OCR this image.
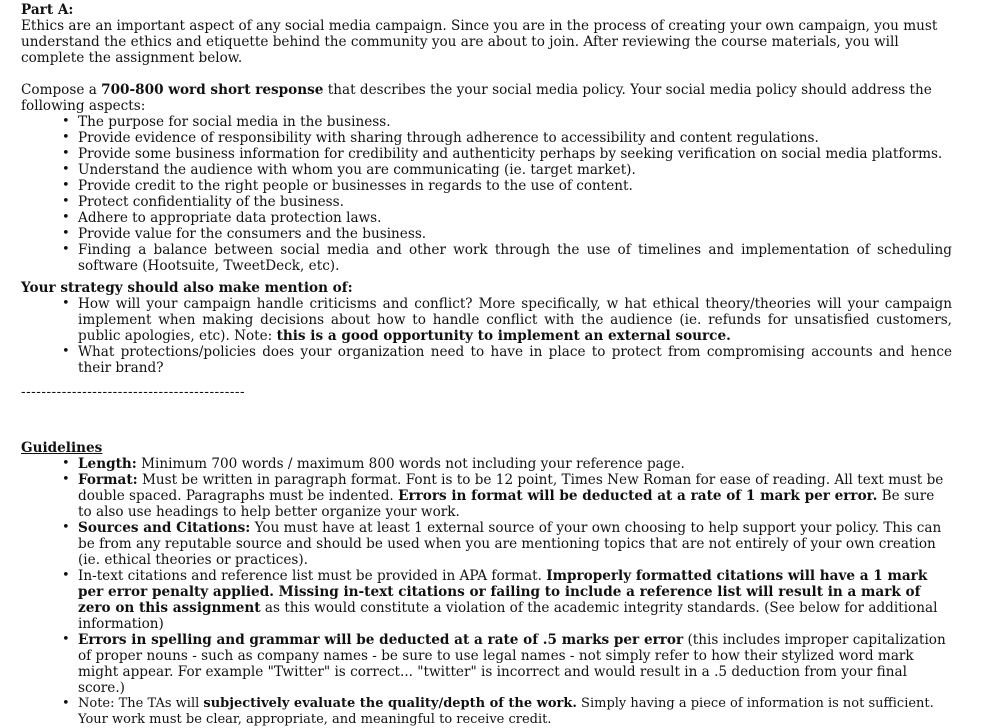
Part A:

Ethics are an important aspect of any social media campaign. Since you are in the process of creating your own campaign, you must understand the ethics and etiquette behind the community you are about to join. After reviewing the course materials, you will complete the assignment below.

Compose a 700-800 word short response that describes the your social media policy. Your social media policy should address the following aspects:

• The purpose for social media in the business.
• Provide evidence of responsibility with sharing through adherence to accessibility and content regulations.
• Provide some business information for credibility and authenticity perhaps by seeking verification on social media platforms.
• Understand the audience with whom you are communicating (ie. target market).
• Provide credit to the right people or businesses in regards to the use of content.
• Protect confidentiality of the business.
• Adhere to appropriate data protection laws.
• Provide value for the consumers and the business.
• Finding a balance between social media and other work through the use of timelines and implementation of scheduling software (Hootsuite, TweetDeck, etc).

Your strategy should also make mention of:

• How will your campaign handle criticisms and conflict? More specifically, w hat ethical theory/theories will your campaign implement when making decisions about how to handle conflict with the audience (ie. refunds for unsatisfied customers, public apologies, etc). Note: this is a good opportunity to implement an external source.
• What protections/policies does your organization need to have in place to protect from compromising accounts and hence their brand?

--------------------------------------------

Guidelines

• Length: Minimum 700 words / maximum 800 words not including your reference page.
• Format: Must be written in paragraph format. Font is to be 12 point, Times New Roman for ease of reading. All text must be double spaced. Paragraphs must be indented. Errors in format will be deducted at a rate of 1 mark per error. Be sure to also use headings to help better organize your work.
• Sources and Citations: You must have at least 1 external source of your own choosing to help support your policy. This can be from any reputable source and should be used when you are mentioning topics that are not entirely of your own creation (ie. ethical theories or practices).
• In-text citations and reference list must be provided in APA format. Improperly formatted citations will have a 1 mark per error penalty applied. Missing in-text citations or failing to include a reference list will result in a mark of zero on this assignment as this would constitute a violation of the academic integrity standards. (See below for additional information)
• Errors in spelling and grammar will be deducted at a rate of .5 marks per error (this includes improper capitalization of proper nouns - such as company names - be sure to use legal names - not simply refer to how their stylized word mark might appear. For example "Twitter" is correct... "twitter" is incorrect and would result in a .5 deduction from your final score.)
• Note: The TAs will subjectively evaluate the quality/depth of the work. Simply having a piece of information is not sufficient. Your work must be clear, appropriate, and meaningful to receive credit.
